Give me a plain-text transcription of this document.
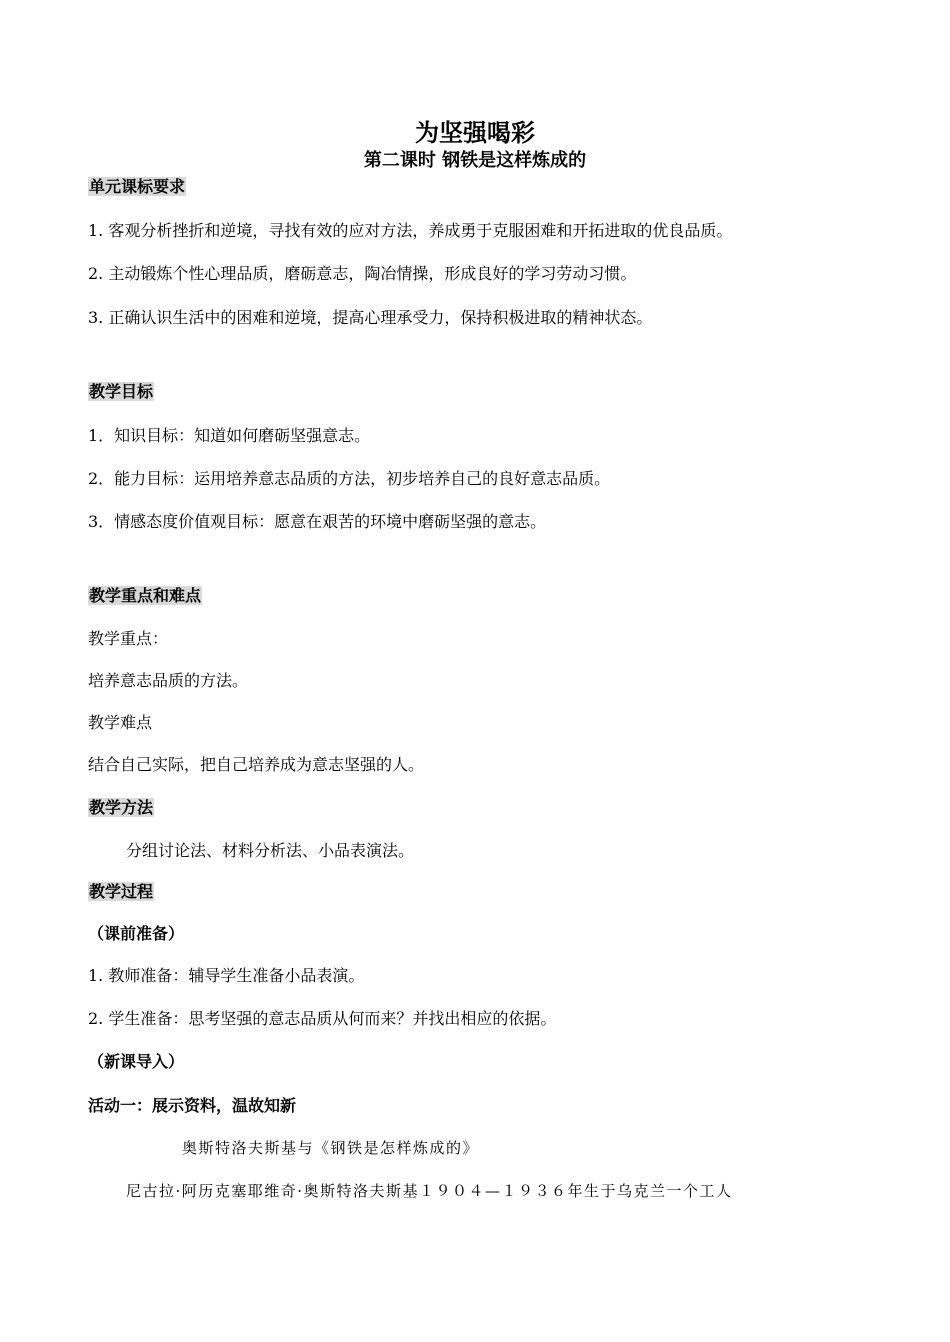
为坚强喝彩
第二课时 钢铁是这样炼成的
单元课标要求
1. 客观分析挫折和逆境，寻找有效的应对方法，养成勇于克服困难和开拓进取的优良品质。
2. 主动锻炼个性心理品质，磨砺意志，陶冶情操，形成良好的学习劳动习惯。
3. 正确认识生活中的困难和逆境，提高心理承受力，保持积极进取的精神状态。
教学目标
1．知识目标：知道如何磨砺坚强意志。
2．能力目标：运用培养意志品质的方法，初步培养自己的良好意志品质。
3．情感态度价值观目标：愿意在艰苦的环境中磨砺坚强的意志。
教学重点和难点
教学重点：
培养意志品质的方法。
教学难点
结合自己实际，把自己培养成为意志坚强的人。
教学方法
分组讨论法、材料分析法、小品表演法。
教学过程
（课前准备）
1. 教师准备：辅导学生准备小品表演。
2. 学生准备：思考坚强的意志品质从何而来？并找出相应的依据。
（新课导入）
活动一：展示资料，温故知新
奥斯特洛夫斯基与《钢铁是怎样炼成的》
尼古拉·阿历克塞耶维奇·奥斯特洛夫斯基１９０４—１９３６年生于乌克兰一个工人
